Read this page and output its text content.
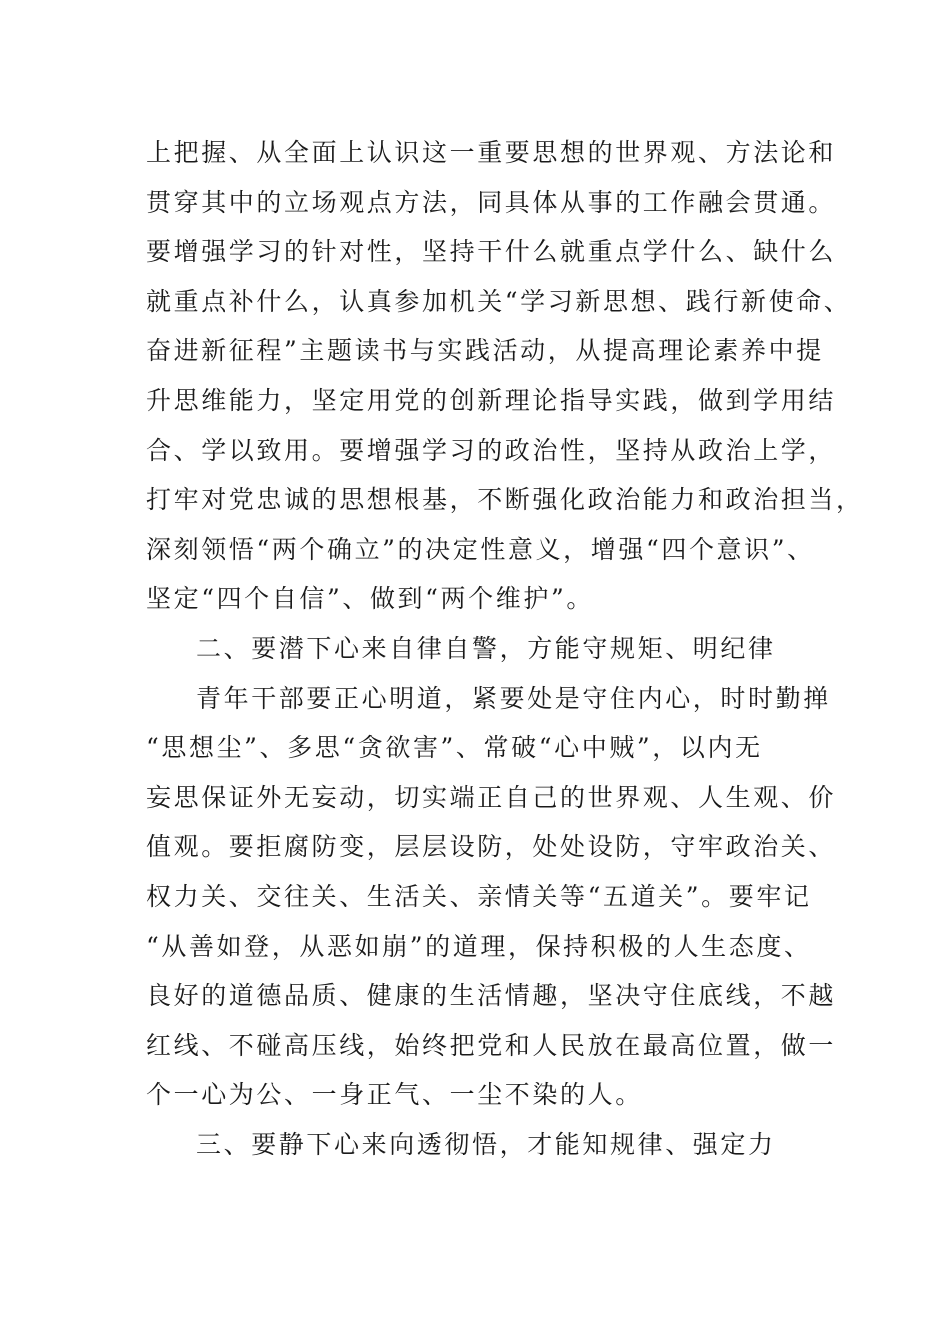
上把握、从全面上认识这一重要思想的世界观、方法论和
贯穿其中的立场观点方法，同具体从事的工作融会贯通。
要增强学习的针对性，坚持干什么就重点学什么、缺什么
就重点补什么，认真参加机关“学习新思想、践行新使命、
奋进新征程”主题读书与实践活动，从提高理论素养中提
升思维能力，坚定用党的创新理论指导实践，做到学用结
合、学以致用。要增强学习的政治性，坚持从政治上学，
打牢对党忠诚的思想根基，不断强化政治能力和政治担当，
深刻领悟“两个确立”的决定性意义，增强“四个意识”、
坚定“四个自信”、做到“两个维护”。
二、要潜下心来自律自警，方能守规矩、明纪律
青年干部要正心明道，紧要处是守住内心，时时勤掸
“思想尘”、多思“贪欲害”、常破“心中贼”，以内无
妄思保证外无妄动，切实端正自己的世界观、人生观、价
值观。要拒腐防变，层层设防，处处设防，守牢政治关、
权力关、交往关、生活关、亲情关等“五道关”。要牢记
“从善如登，从恶如崩”的道理，保持积极的人生态度、
良好的道德品质、健康的生活情趣，坚决守住底线，不越
红线、不碰高压线，始终把党和人民放在最高位置，做一
个一心为公、一身正气、一尘不染的人。
三、要静下心来向透彻悟，才能知规律、强定力
